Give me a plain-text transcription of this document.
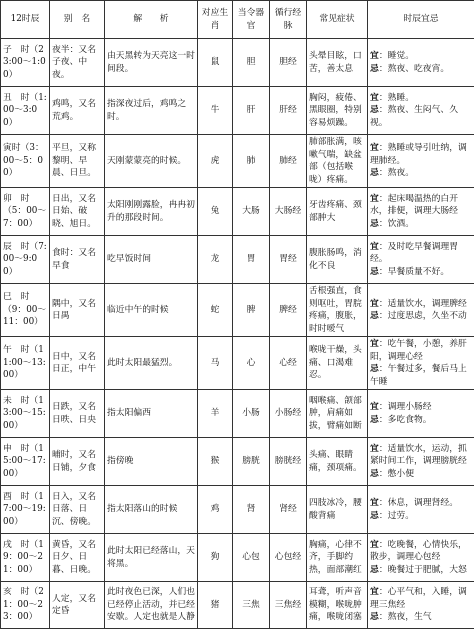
12时辰	别　名	解　　析	对应生肖	当令器官	循行经脉	常见症状	时辰宜忌
子　时（23:00～1:00）	夜半：又名子夜、中夜。	由天黑转为天亮这一时间段。	鼠	胆	胆经	头晕目眩，口苦，善太息	宜：睡觉。
忌：熬夜、吃夜宵。

丑　时（1:00～3:00）	鸡鸣，又名荒鸡。	指深夜过后，鸡鸣之时。	牛	肝	肝经	胸闷，疲倦、黑眼圈，特别容易烦躁。	宜：熟睡。
忌：熬夜、生闷气、久视。

寅时（3：00～5：00）	平旦，又称黎明、早晨、日旦。	天刚蒙蒙亮的时候。	虎	肺	肺经	肺部胀满，咳嗽气喘，缺盆部（包括喉咙）疼痛。	宜：熟睡或导引吐纳，调理肺经。
忌：熬夜。

卯　时（5：00～7：00）	日出，又名日始、破晓、旭日。	太阳刚刚露脸，冉冉初升的那段时间。	兔	大肠	大肠经	牙齿疼痛、颈部肿大	宜：起床喝温热的白开水，排便，调理大肠经
忌：饮酒。

辰　时（7:00～9:00）	食时：又名早食	吃早饭时间	龙	胃	胃经	腹胀肠鸣，消化不良	宜：及时吃早餐调理胃经。
忌：早餐质量不好。

巳　时（9：00～11：00）	隅中，又名日禺	临近中午的时候	蛇	脾	脾经	舌根强直，食则呕吐，胃脘疼痛，腹胀，时时嗳气	宜：适量饮水，调理脾经
忌：过度思虑，久坐不动

午　时（11:00～13:00）	日中，又名日正，中午	此时太阳最猛烈。	马	心	心经	喉咙干燥，头痛、口渴难忍。	宜：吃午餐，小憩，养肝阳，调理心经
忌：午餐过多，餐后马上午睡

未　时（13:00～15:00）	日跌，又名日昳、日央	指太阳偏西	羊	小肠	小肠经	咽喉痛、颌部肿，肩痛如拔，臂痛如断	宜：调理小肠经
忌：多吃食物。

申　时（15:00～17:00）	晡时，又名日铺，夕食	指傍晚	猴	膀胱	膀胱经	头痛、眼睛痛，颈项痛。	宜：适量饮水，运动，抓紧时间工作，调理膀胱经
忌：憋小便

酉　时（17:00～19:00）	日入，又名日落、日沉、傍晚。	指太阳落山的时候	鸡	肾	肾经	四肢冰冷，腰酸背痛	宜：休息，调理肾经。
忌：过劳。

戌　时（19：00～21：00）	黄昏，又名日夕、日暮、日晚。	此时太阳已经落山，天将黑。	狗	心包	心包经	胸痛，心律不齐，手脚约热，面部潮红	宜：吃晚餐，心情快乐，散步，调理心包经
忌：晚餐过于肥腻，大怒

亥　时（21：00～23：00）	人定，又名定昏	此时夜色已深，人们也已经停止活动，并已经安歇。人定也就是人静	猪	三焦	三焦经	耳聋，听声音模糊，喉咙肿痛，喉咙闭塞	宜：心平气和，入睡，调理三焦经
忌：熬夜，生气
